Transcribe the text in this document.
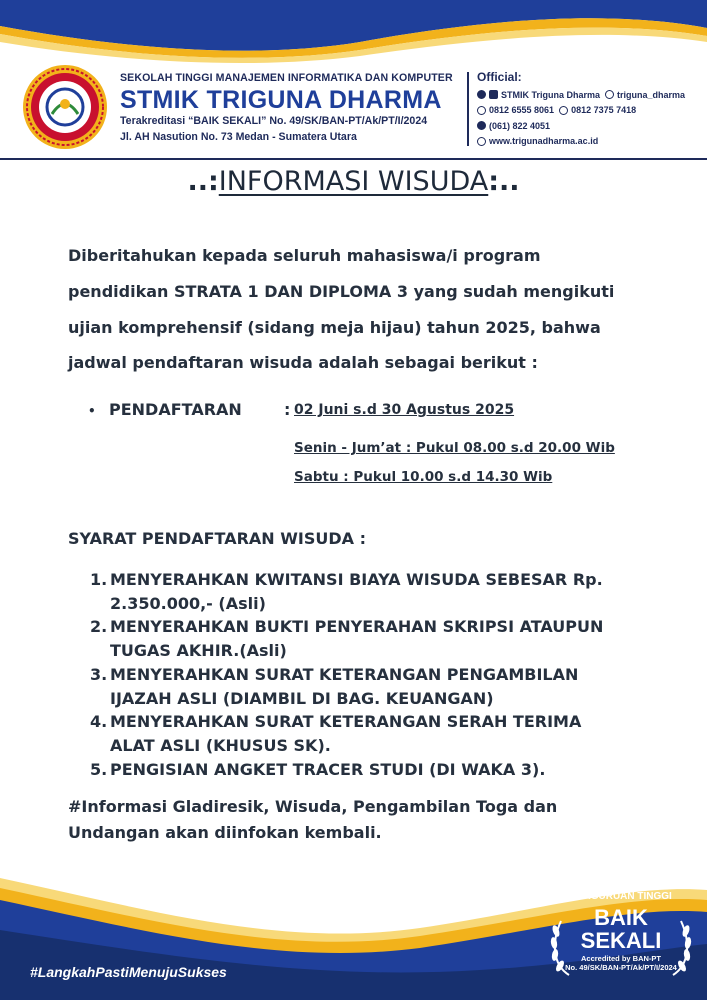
SEKOLAH TINGGI MANAJEMEN INFORMATIKA DAN KOMPUTER
STMIK TRIGUNA DHARMA
Terakreditasi “BAIK SEKALI” No. 49/SK/BAN-PT/Ak/PT/I/2024
Jl. AH Nasution No. 73 Medan - Sumatera Utara
Official:
STMIK Triguna Dharma triguna_dharma
0812 6555 8061 0812 7375 7418
(061) 822 4051
www.trigunadharma.ac.id
..:INFORMASI WISUDA:..
Diberitahukan kepada seluruh mahasiswa/i program
pendidikan STRATA 1 DAN DIPLOMA 3 yang sudah mengikuti
ujian komprehensif (sidang meja hijau) tahun 2025, bahwa
jadwal pendaftaran wisuda adalah sebagai berikut :
• PENDAFTARAN	: 02 Juni s.d 30 Agustus 2025
Senin - Jum’at : Pukul 08.00 s.d 20.00 Wib
Sabtu : Pukul 10.00 s.d 14.30 Wib
SYARAT PENDAFTARAN WISUDA :
1. MENYERAHKAN KWITANSI BIAYA WISUDA SEBESAR Rp.
2.350.000,- (Asli)
2. MENYERAHKAN BUKTI PENYERAHAN SKRIPSI ATAUPUN
TUGAS AKHIR.(Asli)
3. MENYERAHKAN SURAT KETERANGAN PENGAMBILAN
IJAZAH ASLI (DIAMBIL DI BAG. KEUANGAN)
4. MENYERAHKAN SURAT KETERANGAN SERAH TERIMA
ALAT ASLI (KHUSUS SK).
5. PENGISIAN ANGKET TRACER STUDI (DI WAKA 3).
#Informasi Gladiresik, Wisuda, Pengambilan Toga dan
Undangan akan diinfokan kembali.
#LangkahPastiMenujuSukses
AKREDITASI
PERGURUAN TINGGI
BAIK
SEKALI
Accredited by BAN-PT
No. 49/SK/BAN-PT/Ak/PT/I/2024
